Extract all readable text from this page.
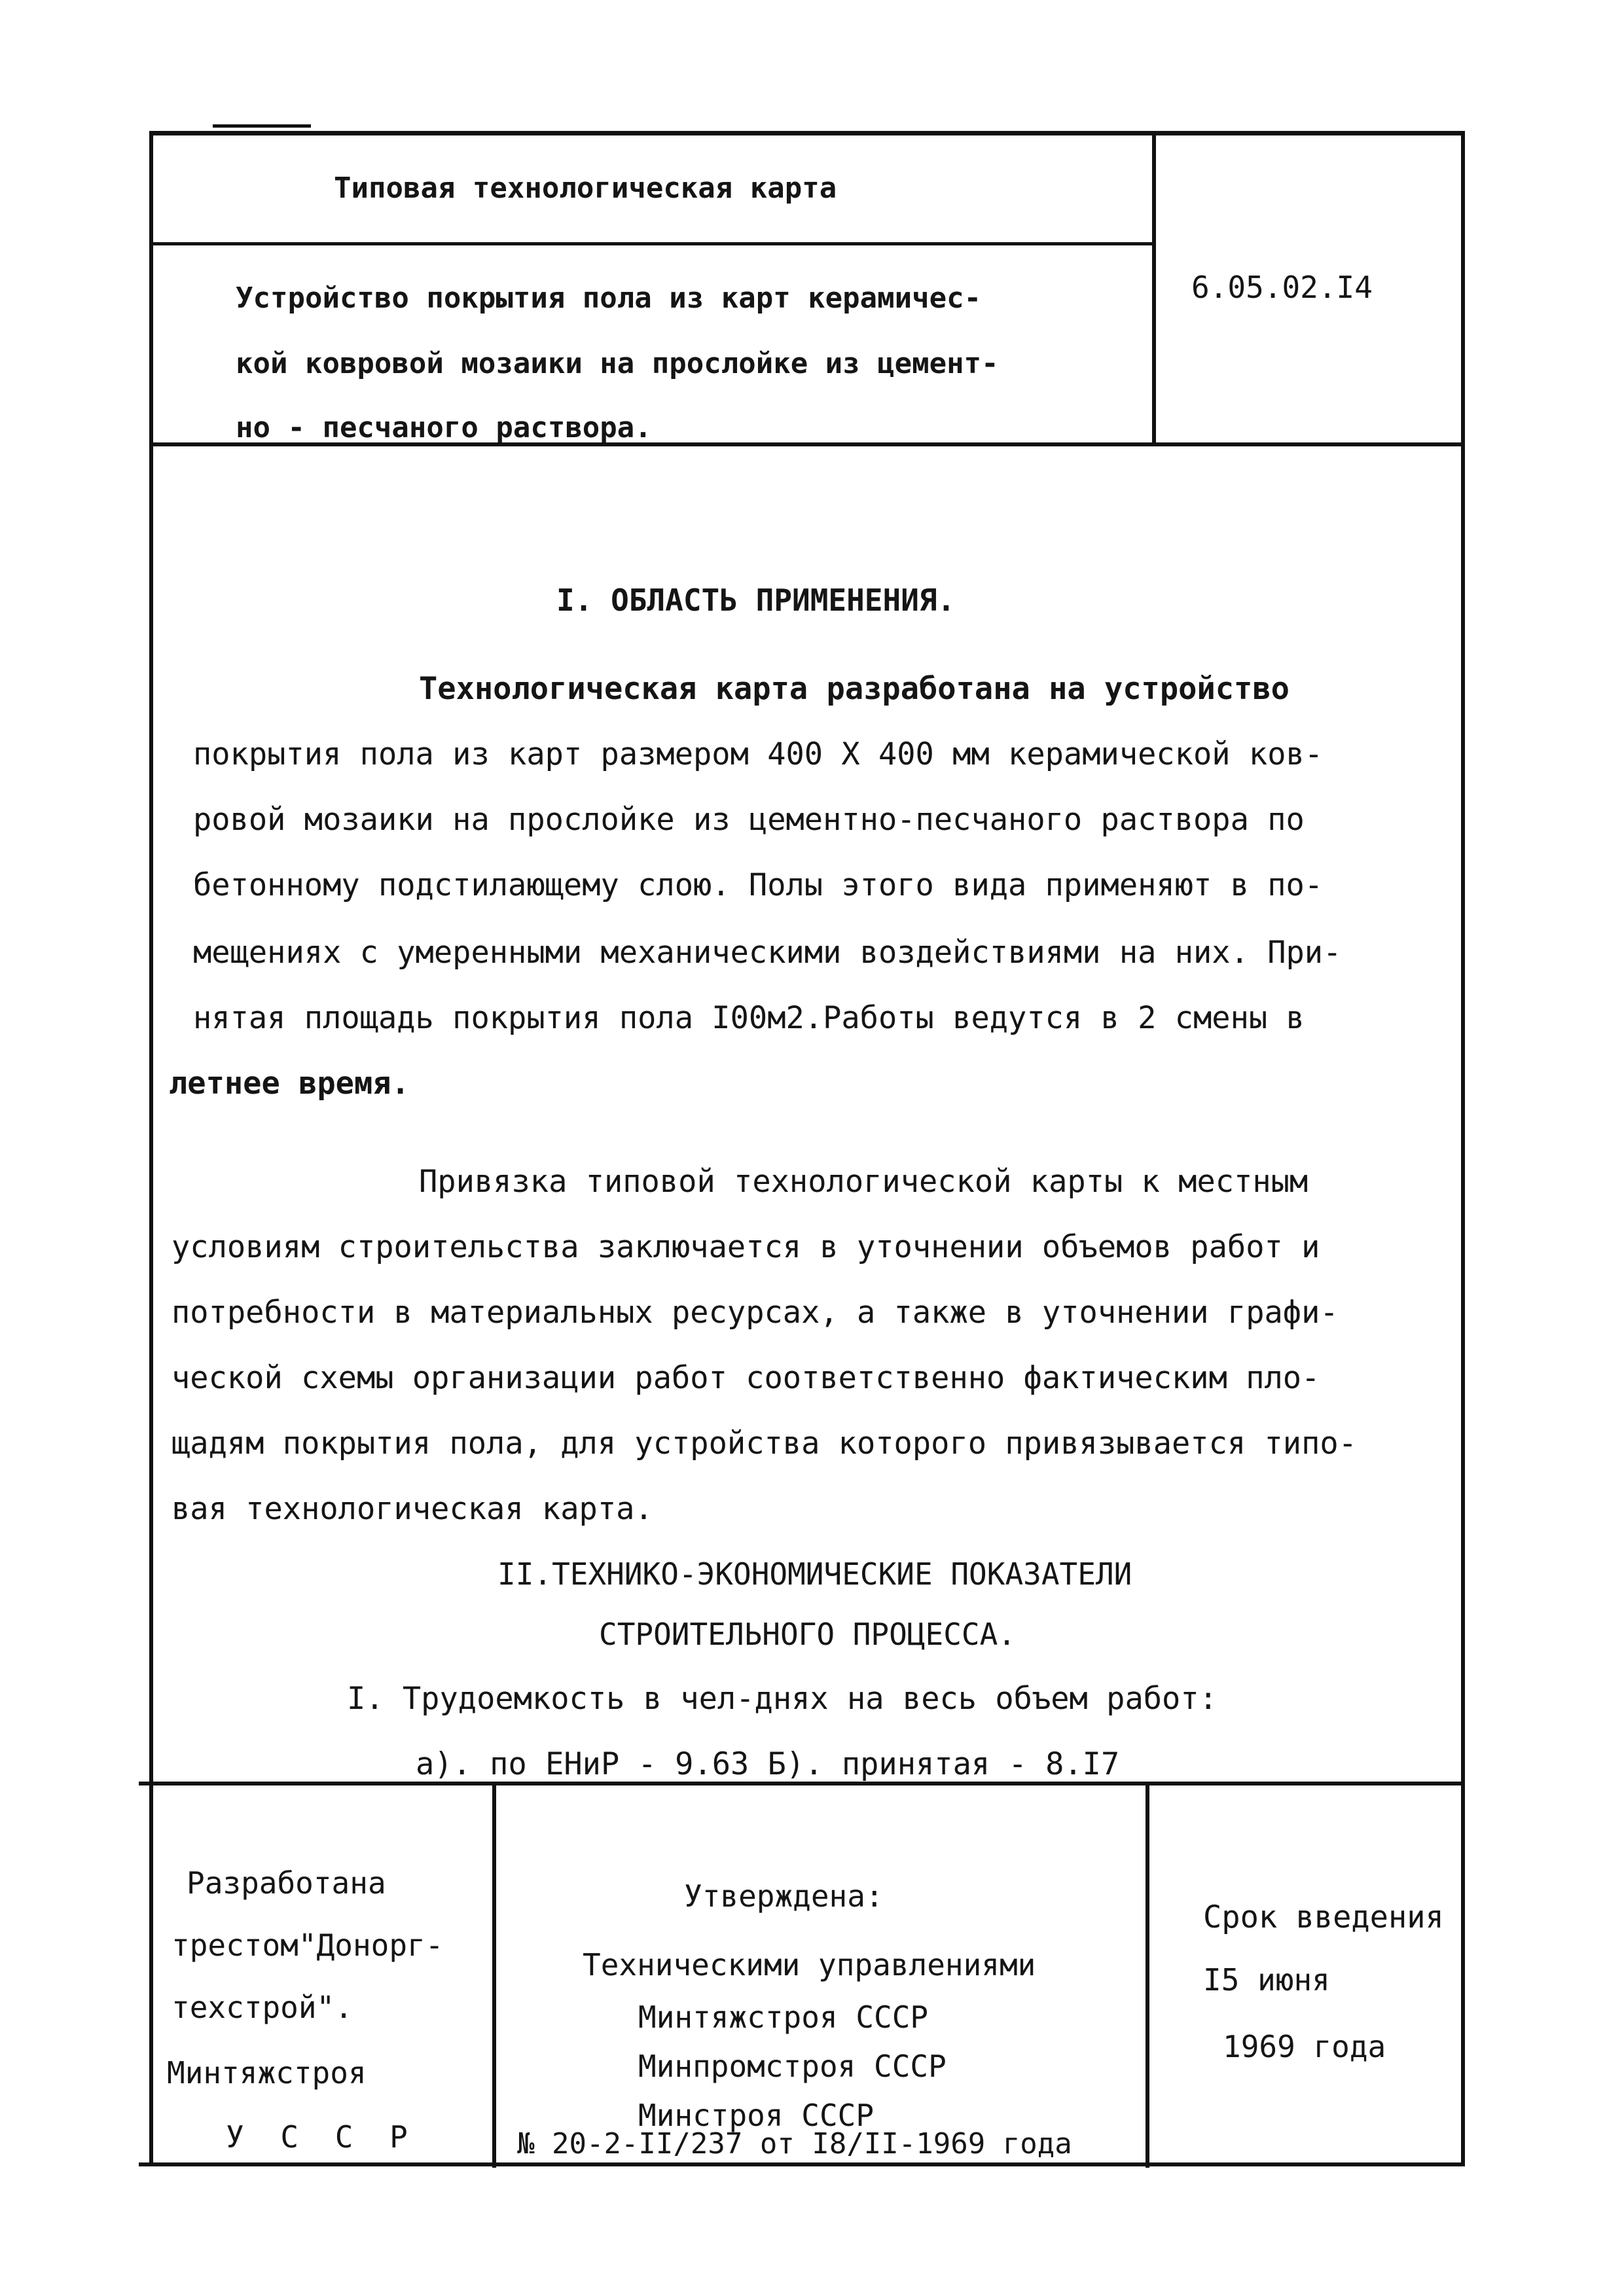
Типовая технологическая карта
Устройство покрытия пола из карт керамичес-
кой ковровой мозаики на прослойке из цемент-
но - песчаного раствора.
6.05.02.I4
I. ОБЛАСТЬ ПРИМЕНЕНИЯ.
Технологическая карта разработана на устройство
покрытия пола из карт размером 400 X 400 мм керамической ков-
ровой мозаики на прослойке из цементно-песчаного раствора по
бетонному подстилающему слою. Полы этого вида применяют в по-
мещениях с умеренными механическими воздействиями на них. При-
нятая площадь покрытия пола I00м2.Работы ведутся в 2 смены в
летнее время.
Привязка типовой технологической карты к местным
условиям строительства заключается в уточнении объемов работ и
потребности в материальных ресурсах, а также в уточнении графи-
ческой схемы организации работ соответственно фактическим пло-
щадям покрытия пола, для устройства которого привязывается типо-
вая технологическая карта.
II.ТЕХНИКО-ЭКОНОМИЧЕСКИЕ ПОКАЗАТЕЛИ
СТРОИТЕЛЬНОГО ПРОЦЕССА.
I. Трудоемкость в чел-днях на весь объем работ:
а). по ЕНиР - 9.63 Б). принятая - 8.I7
Разработана
трестом"Донорг-
техстрой".
Минтяжстроя
У С С Р
Утверждена:
Техническими управлениями
Минтяжстроя СССР
Минпромстроя СССР
Минстроя СССР
№ 20-2-II/237 от I8/II-1969 года
Срок введения
I5 июня
1969 года
